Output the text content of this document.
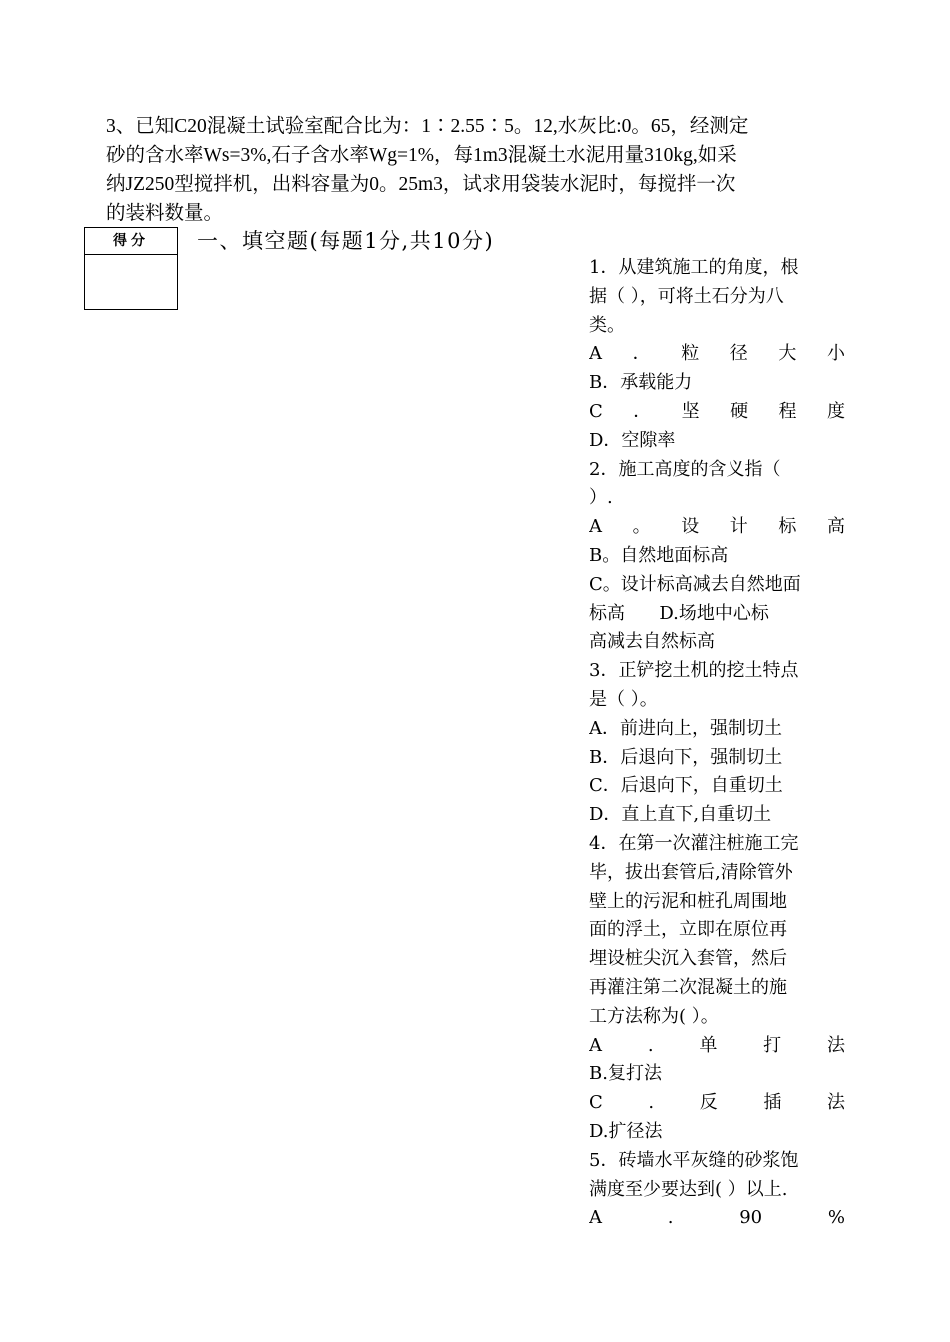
3、已知C20混凝土试验室配合比为：1∶2.55∶5。12,水灰比:0。65，经测定
砂的含水率Ws=3%,石子含水率Wg=1%，每1m3混凝土水泥用量310kg,如采
纳JZ250型搅拌机，出料容量为0。25m3，试求用袋装水泥时，每搅拌一次
的装料数量。
得分	一、填空题(每题1分,共10分)
1．从建筑施工的角度，根
据（ ），可将土石分为八
类。
A ． 粒 径 大 小
B．承载能力
C ． 坚 硬 程 度
D．空隙率
2．施工高度的含义指（
）.
A 。 设 计 标 高
B。自然地面标高
C。设计标高减去自然地面
标高      D.场地中心标
高减去自然标高
3．正铲挖土机的挖土特点
是（ ）。
A．前进向上，强制切土
B．后退向下，强制切土
C．后退向下，自重切土
D．直上直下,自重切土
4．在第一次灌注桩施工完
毕，拔出套管后,清除管外
壁上的污泥和桩孔周围地
面的浮土，立即在原位再
埋设桩尖沉入套管，然后
再灌注第二次混凝土的施
工方法称为( ）。
A	.	单	打	法
B.复打法
C	.	反	插	法
D.扩径法
5．砖墙水平灰缝的砂浆饱
满度至少要达到( ）以上.
A	.	90	%
